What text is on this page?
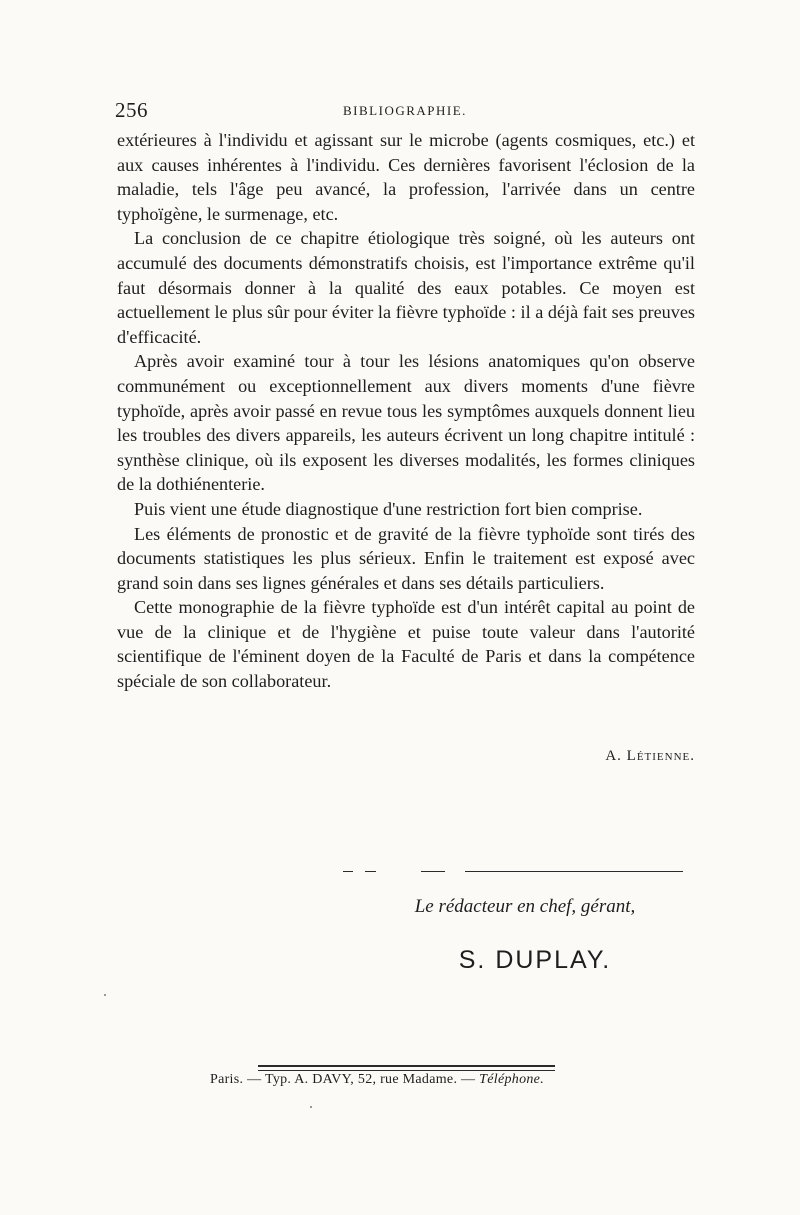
256	BIBLIOGRAPHIE.

extérieures à l'individu et agissant sur le microbe (agents cosmiques, etc.) et aux causes inhérentes à l'individu. Ces dernières favorisent l'éclosion de la maladie, tels l'âge peu avancé, la profession, l'arrivée dans un centre typhoïgène, le surmenage, etc.

La conclusion de ce chapitre étiologique très soigné, où les auteurs ont accumulé des documents démonstratifs choisis, est l'importance extrême qu'il faut désormais donner à la qualité des eaux potables. Ce moyen est actuellement le plus sûr pour éviter la fièvre typhoïde : il a déjà fait ses preuves d'efficacité.

Après avoir examiné tour à tour les lésions anatomiques qu'on observe communément ou exceptionnellement aux divers moments d'une fièvre typhoïde, après avoir passé en revue tous les symptômes auxquels donnent lieu les troubles des divers appareils, les auteurs écrivent un long chapitre intitulé : synthèse clinique, où ils exposent les diverses modalités, les formes cliniques de la dothiénenterie.

Puis vient une étude diagnostique d'une restriction fort bien comprise.

Les éléments de pronostic et de gravité de la fièvre typhoïde sont tirés des documents statistiques les plus sérieux. Enfin le traitement est exposé avec grand soin dans ses lignes générales et dans ses détails particuliers.

Cette monographie de la fièvre typhoïde est d'un intérêt capital au point de vue de la clinique et de l'hygiène et puise toute valeur dans l'autorité scientifique de l'éminent doyen de la Faculté de Paris et dans la compétence spéciale de son collaborateur.

A. Létienne.
Le rédacteur en chef, gérant,
S. DUPLAY.
Paris. — Typ. A. DAVY, 52, rue Madame. — Téléphone.
